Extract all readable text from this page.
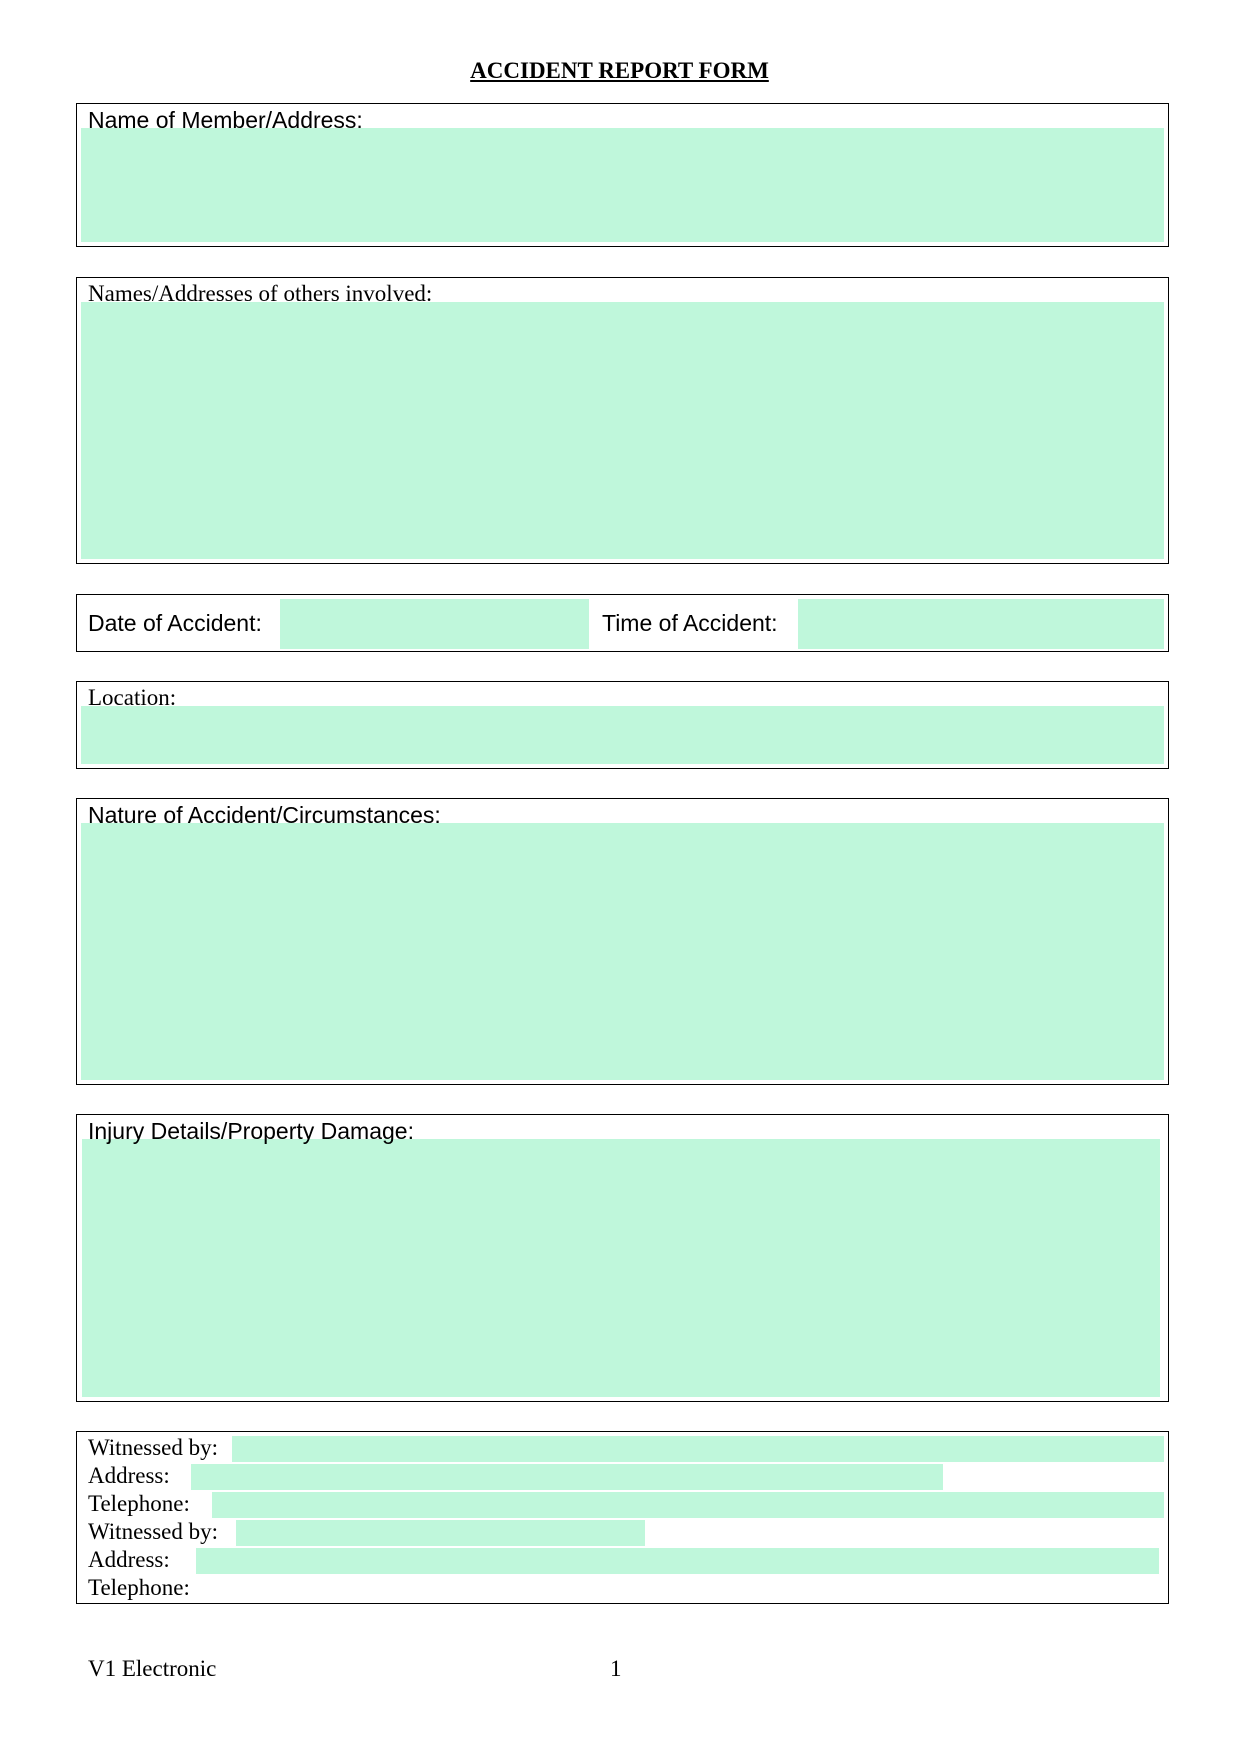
ACCIDENT REPORT FORM
Name of Member/Address:
Names/Addresses of others involved:
Date of Accident:	Time of Accident:
Location:
Nature of Accident/Circumstances:
Injury Details/Property Damage:
Witnessed by:
Address:
Telephone:
Witnessed by:
Address:
Telephone:
V1 Electronic	1
